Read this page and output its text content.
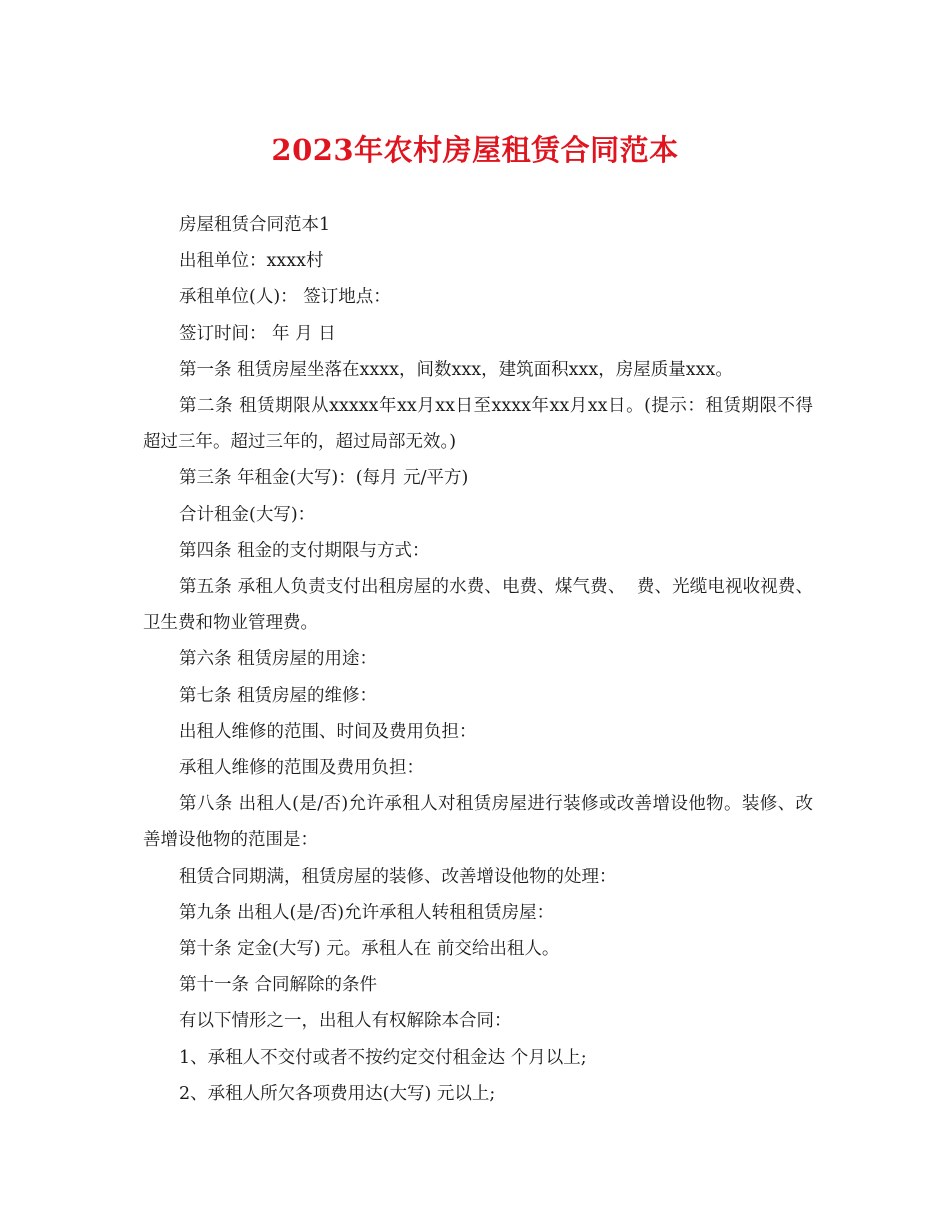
2023年农村房屋租赁合同范本

房屋租赁合同范本1

出租单位：xxxx村

承租单位(人)： 签订地点：

签订时间： 年 月 日

第一条 租赁房屋坐落在xxxx，间数xxx，建筑面积xxx，房屋质量xxx。

第二条 租赁期限从xxxxx年xx月xx日至xxxx年xx月xx日。(提示：租赁期限不得超过三年。超过三年的，超过局部无效。)

第三条 年租金(大写)：(每月 元/平方)

合计租金(大写)：

第四条 租金的支付期限与方式：

第五条 承租人负责支付出租房屋的水费、电费、煤气费、  费、光缆电视收视费、卫生费和物业管理费。

第六条 租赁房屋的用途：

第七条 租赁房屋的维修：

出租人维修的范围、时间及费用负担：

承租人维修的范围及费用负担：

第八条 出租人(是/否)允许承租人对租赁房屋进行装修或改善增设他物。装修、改善增设他物的范围是：

租赁合同期满，租赁房屋的装修、改善增设他物的处理：

第九条 出租人(是/否)允许承租人转租租赁房屋：

第十条 定金(大写) 元。承租人在 前交给出租人。

第十一条 合同解除的条件

有以下情形之一，出租人有权解除本合同：

1、承租人不交付或者不按约定交付租金达 个月以上;

2、承租人所欠各项费用达(大写) 元以上;
